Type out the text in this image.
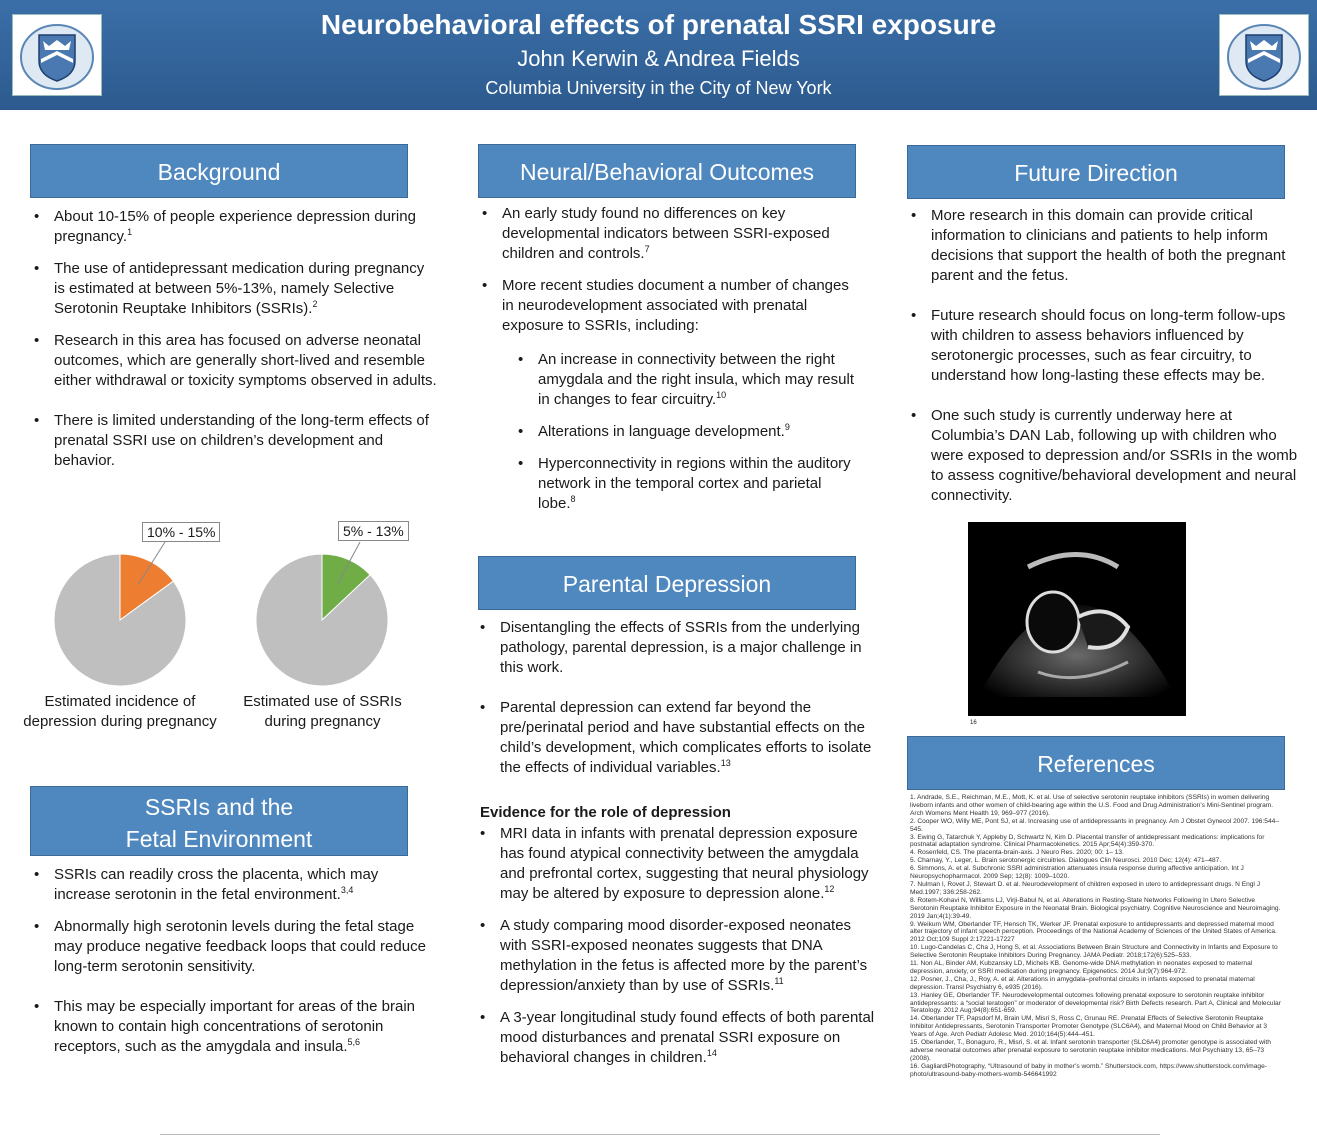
Neurobehavioral effects of prenatal SSRI exposure
John Kerwin & Andrea Fields
Columbia University in the City of New York
Background
• About 10-15% of people experience depression during pregnancy.$^1$
• The use of antidepressant medication during pregnancy is estimated at between 5%-13%, namely Selective Serotonin Reuptake Inhibitors (SSRIs).$^2$
• Research in this area has focused on adverse neonatal outcomes, which are generally short-lived and resemble either withdrawal or toxicity symptoms observed in adults.
• There is limited understanding of the long-term effects of prenatal SSRI use on children’s development and behavior.
10% - 15%	5% - 13%
Estimated incidence of depression during pregnancy
Estimated use of SSRIs during pregnancy
SSRIs and the
Fetal Environment
• SSRIs can readily cross the placenta, which may increase serotonin in the fetal environment.$^{3,4}$
• Abnormally high serotonin levels during the fetal stage may produce negative feedback loops that could reduce long-term serotonin sensitivity.
• This may be especially important for areas of the brain known to contain high concentrations of serotonin receptors, such as the amygdala and insula.$^{5,6}$
Neural/Behavioral Outcomes
• An early study found no differences on key developmental indicators between SSRI-exposed children and controls.$^7$
• More recent studies document a number of changes in neurodevelopment associated with prenatal exposure to SSRIs, including:
• An increase in connectivity between the right amygdala and the right insula, which may result in changes to fear circuitry.$^{10}$
• Alterations in language development.$^9$
• Hyperconnectivity in regions within the auditory network in the temporal cortex and parietal lobe.$^8$
Parental Depression
• Disentangling the effects of SSRIs from the underlying pathology, parental depression, is a major challenge in this work.
• Parental depression can extend far beyond the pre/perinatal period and have substantial effects on the child’s development, which complicates efforts to isolate the effects of individual variables.$^{13}$
Evidence for the role of depression
• MRI data in infants with prenatal depression exposure has found atypical connectivity between the amygdala and prefrontal cortex, suggesting that neural physiology may be altered by exposure to depression alone.$^{12}$
• A study comparing mood disorder-exposed neonates with SSRI-exposed neonates suggests that DNA methylation in the fetus is affected more by the parent’s depression/anxiety than by use of SSRIs.$^{11}$
• A 3-year longitudinal study found effects of both parental mood disturbances and prenatal SSRI exposure on behavioral changes in children.$^{14}$
Future Direction
• More research in this domain can provide critical information to clinicians and patients to help inform decisions that support the health of both the pregnant parent and the fetus.
• Future research should focus on long-term follow-ups with children to assess behaviors influenced by serotonergic processes, such as fear circuitry, to understand how long-lasting these effects may be.
• One such study is currently underway here at Columbia’s DAN Lab, following up with children who were exposed to depression and/or SSRIs in the womb to assess cognitive/behavioral development and neural connectivity.
16
References
1. Andrade, S.E., Reichman, M.E., Mott, K. et al. Use of selective serotonin reuptake inhibitors (SSRIs) in women delivering liveborn infants and other women of child-bearing age within the U.S. Food and Drug Administration’s Mini-Sentinel program. Arch Womens Ment Health 19, 969–977 (2016).
2. Cooper WO, Willy ME, Pont SJ, et al. Increasing use of antidepressants in pregnancy. Am J Obstet Gynecol 2007. 196:544–545.
3. Ewing G, Tatarchuk Y, Appleby D, Schwartz N, Kim D. Placental transfer of antidepressant medications: implications for postnatal adaptation syndrome. Clinical Pharmacokinetics. 2015 Apr;54(4):359-370.
4. Rosenfeld, CS. The placenta-brain-axis. J Neuro Res. 2020; 00: 1– 13.
5. Charnay, Y., Leger, L. Brain serotonergic circuitries. Dialogues Clin Neurosci. 2010 Dec; 12(4): 471–487.
6. Simmons, A. et al. Subchronic SSRI administration attenuates insula response during affective anticipation. Int J Neuropsychopharmacol. 2009 Sep; 12(8): 1009–1020.
7. Nulman I, Rovet J, Stewart D. et al. Neurodevelopment of children exposed in utero to antidepressant drugs. N Engl J Med.1997; 336:258-262.
8. Rotem-Kohavi N, Williams LJ, Virji-Babul N, et al. Alterations in Resting-State Networks Following In Utero Selective Serotonin Reuptake Inhibitor Exposure in the Neonatal Brain. Biological psychiatry. Cognitive Neuroscience and Neuroimaging. 2019 Jan;4(1):39-49.
9. Weikum WM, Oberlander TF, Hensch TK, Werker JF. Prenatal exposure to antidepressants and depressed maternal mood alter trajectory of infant speech perception. Proceedings of the National Academy of Sciences of the United States of America. 2012 Oct;109 Suppl 2:17221-17227
10. Lugo-Candelas C, Cha J, Hong S, et al. Associations Between Brain Structure and Connectivity in Infants and Exposure to Selective Serotonin Reuptake Inhibitors During Pregnancy. JAMA Pediatr. 2018;172(6):525–533.
11. Non AL, Binder AM, Kubzansky LD, Michels KB. Genome-wide DNA methylation in neonates exposed to maternal depression, anxiety, or SSRI medication during pregnancy. Epigenetics. 2014 Jul;9(7):964-972.
12. Posner, J., Cha, J., Roy, A. et al. Alterations in amygdala–prefrontal circuits in infants exposed to prenatal maternal depression. Transl Psychiatry 6, e935 (2016).
13. Hanley GE, Oberlander TF. Neurodevelopmental outcomes following prenatal exposure to serotonin reuptake inhibitor antidepressants: a “social teratogen” or moderator of developmental risk? Birth Defects research. Part A, Clinical and Molecular Teratology. 2012 Aug;94(8):651-659.
14. Oberlander TF, Papsdorf M, Brain UM, Misri S, Ross C, Grunau RE. Prenatal Effects of Selective Serotonin Reuptake Inhibitor Antidepressants, Serotonin Transporter Promoter Genotype (SLC6A4), and Maternal Mood on Child Behavior at 3 Years of Age. Arch Pediatr Adolesc Med. 2010;164(5):444–451.
15. Oberlander, T., Bonaguro, R., Misri, S. et al. Infant serotonin transporter (SLC6A4) promoter genotype is associated with adverse neonatal outcomes after prenatal exposure to serotonin reuptake inhibitor medications. Mol Psychiatry 13, 65–73 (2008).
16. GagliardiPhotography, “Ultrasound of baby in mother’s womb.” Shutterstock.com, https://www.shutterstock.com/image-photo/ultrasound-baby-mothers-womb-546641992
